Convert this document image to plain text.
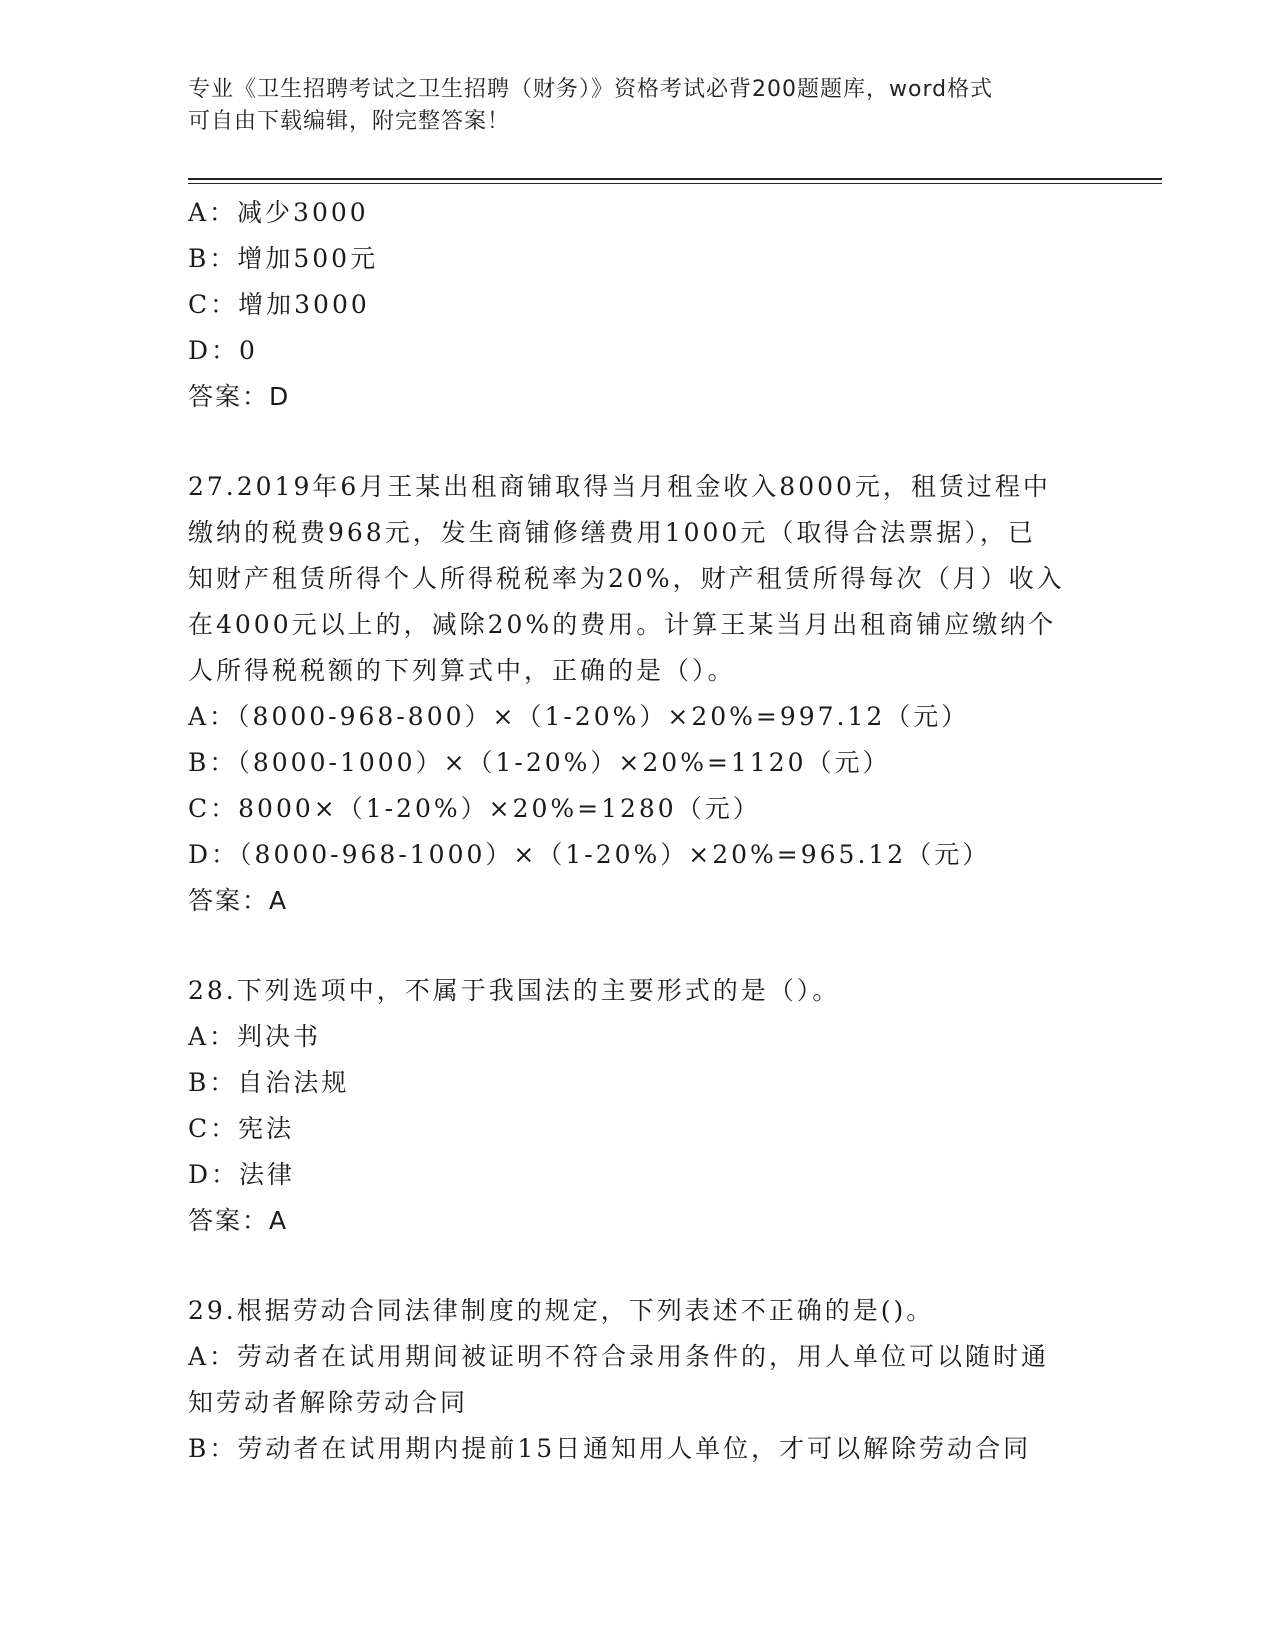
专业《卫生招聘考试之卫生招聘（财务）》资格考试必背200题题库，word格式
可自由下载编辑，附完整答案！
A：减少3000
B：增加500元
C：增加3000
D：0
答案：D
27.2019年6月王某出租商铺取得当月租金收入8000元，租赁过程中
缴纳的税费968元，发生商铺修缮费用1000元（取得合法票据），已
知财产租赁所得个人所得税税率为20%，财产租赁所得每次（月）收入
在4000元以上的，减除20%的费用。计算王某当月出租商铺应缴纳个
人所得税税额的下列算式中，正确的是（）。
A：（8000-968-800）×（1-20%）×20%=997.12（元）
B：（8000-1000）×（1-20%）×20%=1120（元）
C：8000×（1-20%）×20%=1280（元）
D：（8000-968-1000）×（1-20%）×20%=965.12（元）
答案：A
28.下列选项中，不属于我国法的主要形式的是（）。
A：判决书
B：自治法规
C：宪法
D：法律
答案：A
29.根据劳动合同法律制度的规定，下列表述不正确的是()。
A：劳动者在试用期间被证明不符合录用条件的，用人单位可以随时通
知劳动者解除劳动合同
B：劳动者在试用期内提前15日通知用人单位，才可以解除劳动合同
